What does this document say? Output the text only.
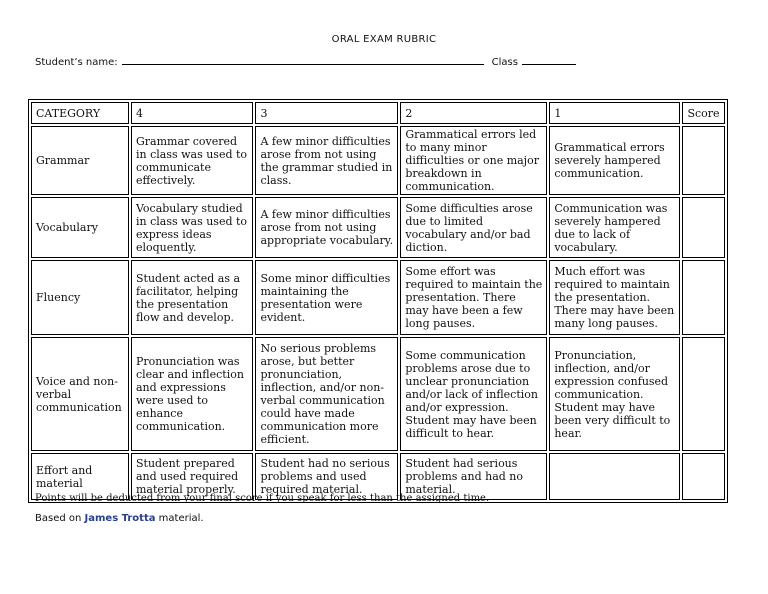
ORAL EXAM RUBRIC
Student’s name:	Class
CATEGORY	4	3	2	1	Score
Grammar	Grammar covered in class was used to communicate effectively.	A few minor difficulties arose from not using the grammar studied in class.	Grammatical errors led to many minor difficulties or one major breakdown in communication.	Grammatical errors severely hampered communication.	
Vocabulary	Vocabulary studied in class was used to express ideas eloquently.	A few minor difficulties arose from not using appropriate vocabulary.	Some difficulties arose due to limited vocabulary and/or bad diction.	Communication was severely hampered due to lack of vocabulary.	
Fluency	Student acted as a facilitator, helping the presentation flow and develop.	Some minor difficulties maintaining the presentation were evident.	Some effort was required to maintain the presentation. There may have been a few long pauses.	Much effort was required to maintain the presentation. There may have been many long pauses.	
Voice and non-verbal communication	Pronunciation was clear and inflection and expressions were used to enhance communication.	No serious problems arose, but better pronunciation, inflection, and/or non-verbal communication could have made communication more efficient.	Some communication problems arose due to unclear pronunciation and/or lack of inflection and/or expression. Student may have been difficult to hear.	Pronunciation, inflection, and/or expression confused communication. Student may have been very difficult to hear.	
Effort and material	Student prepared and used required material properly.	Student had no serious problems and used required material.	Student had serious problems and had no material.		
Points will be deducted from your final score if you speak for less than the assigned time.
Based on James Trotta material.
